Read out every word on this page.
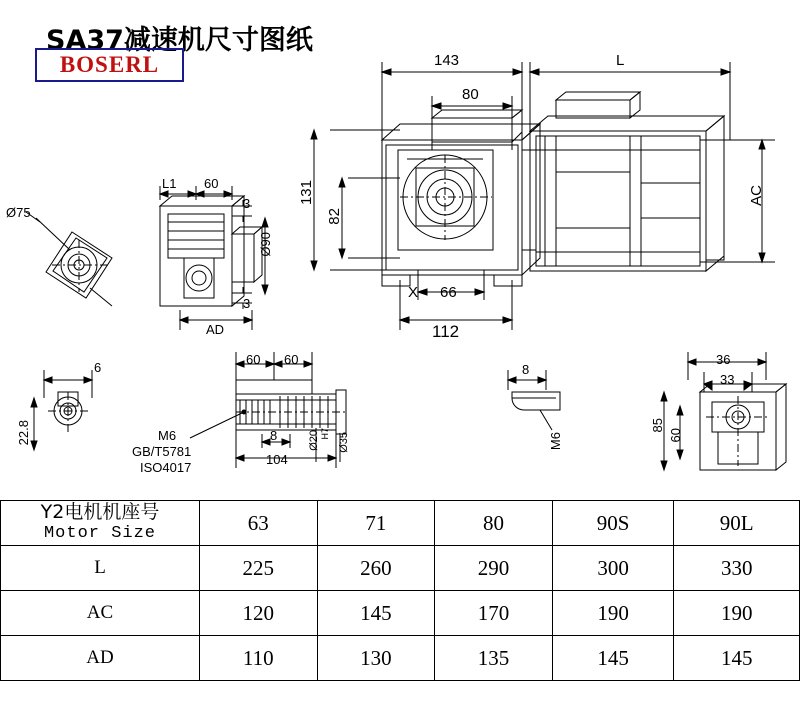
SA37减速机尺寸图纸
BOSERL	143	L
80
131
82
AC
X 66
112
L1 60
3
3
Ø90
AD
Ø75
6
22.8
60 60
M6
GB/T5781
ISO4017
8
104
Ø20 H7 Ø35
8
M6
36
33
85
60
Y2电机机座号
Motor Size	63	71	80	90S	90L
L	225	260	290	300	330
AC	120	145	170	190	190
AD	110	130	135	145	145
